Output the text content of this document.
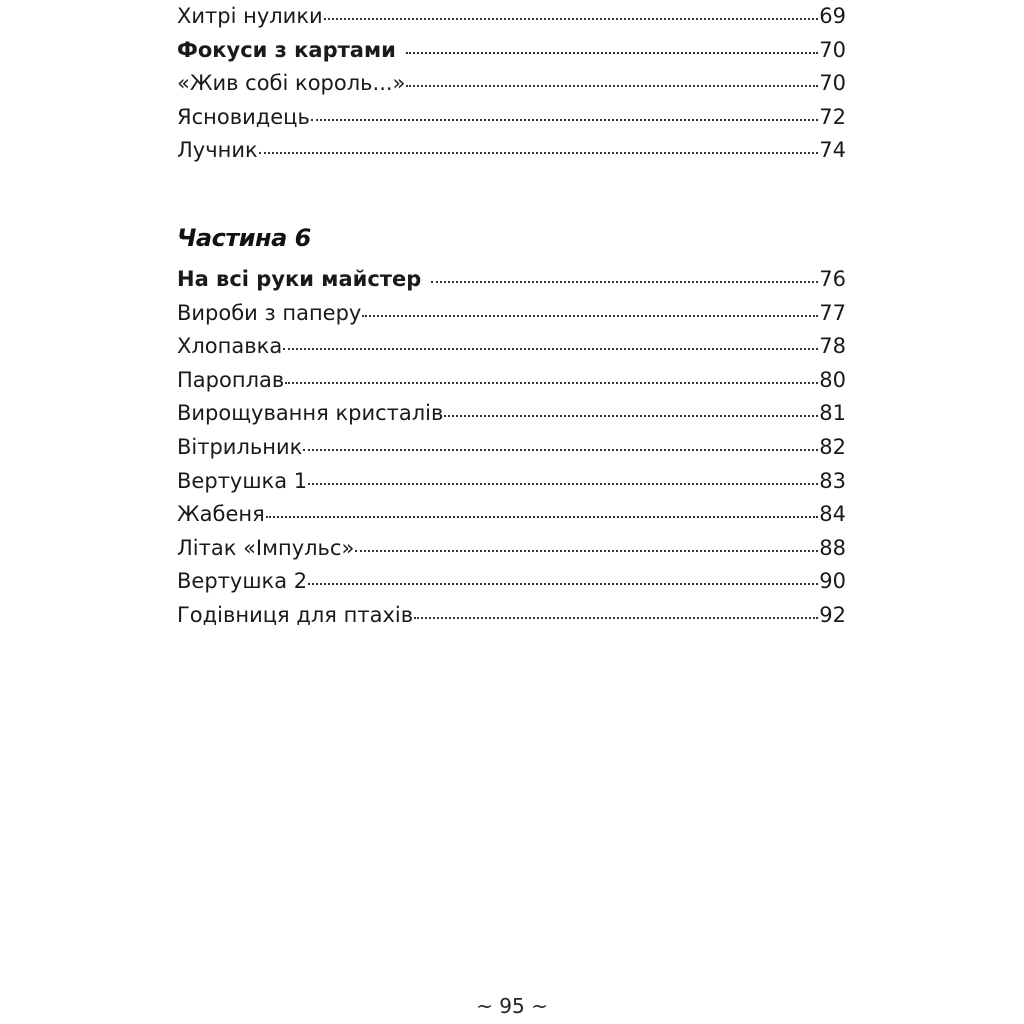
Хитрі нулики	69
Фокуси з картами	70
«Жив собі король...»	70
Ясновидець	72
Лучник	74
Частина 6
На всі руки майстер	76
Вироби з паперу	77
Хлопавка	78
Пароплав	80
Вирощування кристалів	81
Вітрильник	82
Вертушка 1	83
Жабеня	84
Літак «Імпульс»	88
Вертушка 2	90
Годівниця для птахів	92
~ 95 ~
